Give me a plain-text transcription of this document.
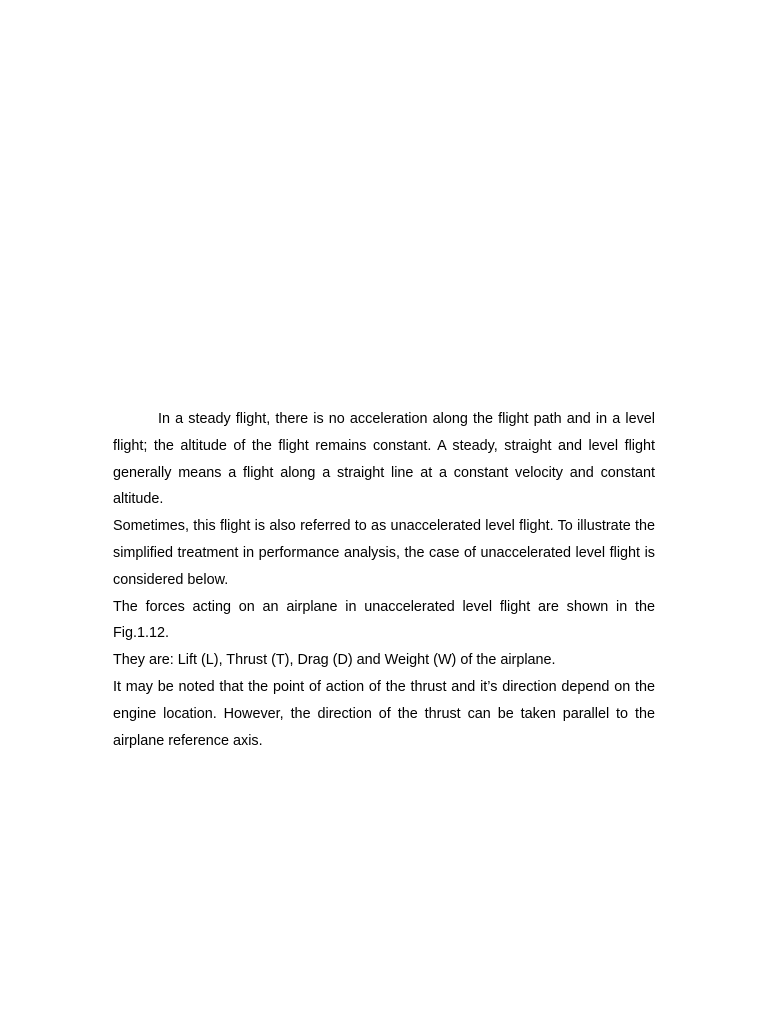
In a steady flight, there is no acceleration along the flight path and in a level flight; the altitude of the flight remains constant. A steady, straight and level flight generally means a flight along a straight line at a constant velocity and constant altitude.

Sometimes, this flight is also referred to as unaccelerated level flight. To illustrate the simplified treatment in performance analysis, the case of unaccelerated level flight is considered below.

The forces acting on an airplane in unaccelerated level flight are shown in the Fig.1.12.

They are: Lift (L), Thrust (T), Drag (D) and Weight (W) of the airplane.

It may be noted that the point of action of the thrust and it’s direction depend on the engine location. However, the direction of the thrust can be taken parallel to the airplane reference axis.
